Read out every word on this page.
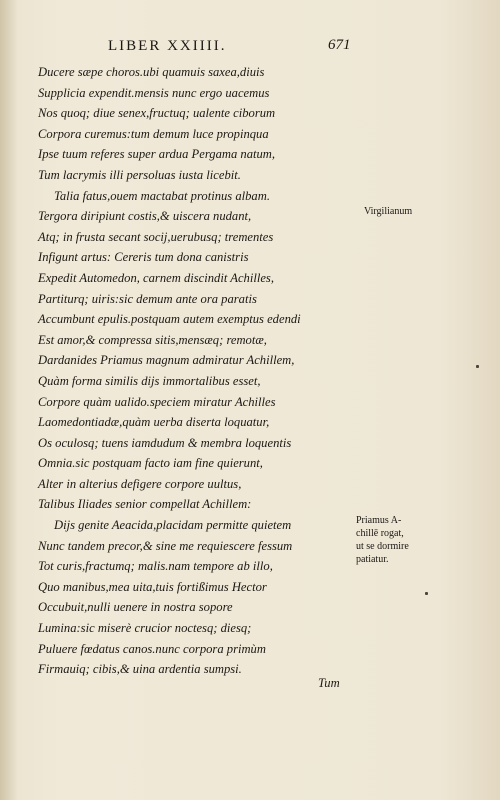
LIBER XXIIII.	671
Ducere sæpe choros.ubi quamuis saxea,diuis
Supplicia expendit.mensis nunc ergo uacemus
Nos quoq; diue senex,fructuq; ualente ciborum
Corpora curemus:tum demum luce propinqua
Ipse tuum referes super ardua Pergama natum,
Tum lacrymis illi persoluas iusta licebit.
Talia fatus,ouem mactabat protinus albam.
Tergora diripiunt costis,& uiscera nudant,
Atq; in frusta secant socij,uerubusq; trementes
Infigunt artus: Cereris tum dona canistris
Expedit Automedon, carnem discindit Achilles,
Partiturq; uiris:sic demum ante ora paratis
Accumbunt epulis.postquam autem exemptus edendi
Est amor,& compressa sitis,mensæq; remotæ,
Dardanides Priamus magnum admiratur Achillem,
Quàm forma similis dijs immortalibus esset,
Corpore quàm ualido.speciem miratur Achilles
Laomedontiadæ,quàm uerba diserta loquatur,
Os oculosq; tuens iamdudum & membra loquentis
Omnia.sic postquam facto iam fine quierunt,
Alter in alterius defigere corpore uultus,
Talibus Iliades senior compellat Achillem:
Dijs genite Aeacida,placidam permitte quietem
Nunc tandem precor,& sine me requiescere fessum
Tot curis,fractumq; malis.nam tempore ab illo,
Quo manibus,mea uita,tuis fortißimus Hector
Occubuit,nulli uenere in nostra sopore
Lumina:sic miserè crucior noctesq; diesq;
Puluere fœdatus canos.nunc corpora primùm
Firmauiq; cibis,& uina ardentia sumpsi.
Virgilianum
Priamus A-
chillē rogat,
ut se dormire
patiatur.
Tum
